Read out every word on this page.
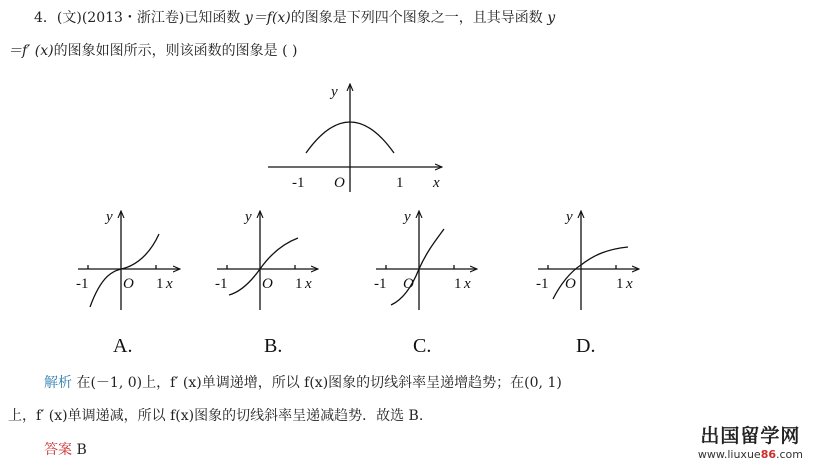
4．(文)(2013・浙江卷)已知函数 y＝f(x)的图象是下列四个图象之一，且其导函数 y
＝f′ (x)的图象如图所示，则该函数的图象是 ( )
y
x
O
-1	1
y
x
O
-1	1
A.
y
x
O
-1	1
B.
y
x
O
-1	1
C.
y
x
O
-1	1
D.
解析 在(－1, 0)上，f′ (x)单调递增，所以 f(x)图象的切线斜率呈递增趋势；在(0, 1)
上，f′ (x)单调递减，所以 f(x)图象的切线斜率呈递减趋势．故选 B.
答案 B
出国留学网
www.liuxue86.com
